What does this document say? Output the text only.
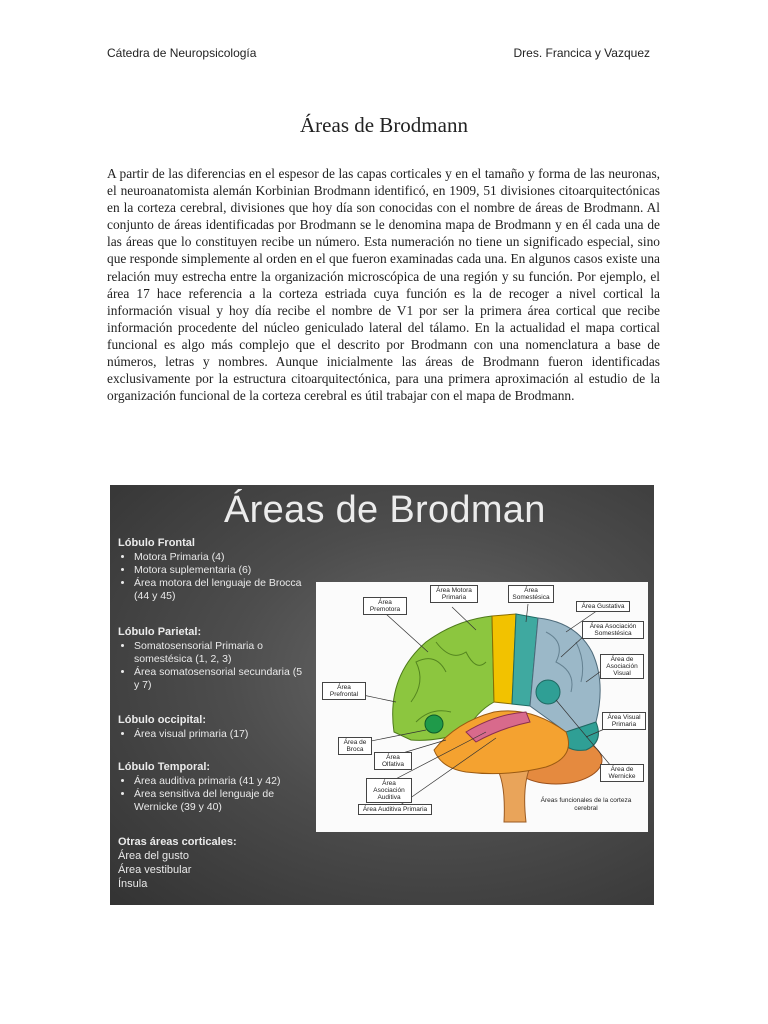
Cátedra de Neuropsicología	Dres. Francica y Vazquez
Áreas de Brodmann
A partir de las diferencias en el espesor de las capas corticales y en el tamaño y forma de las neuronas, el neuroanatomista alemán Korbinian Brodmann identificó, en 1909, 51 divisiones citoarquitectónicas en la corteza cerebral, divisiones que hoy día son conocidas con el nombre de áreas de Brodmann. Al conjunto de áreas identificadas por Brodmann se le denomina mapa de Brodmann y en él cada una de las áreas que lo constituyen recibe un número. Esta numeración no tiene un significado especial, sino que responde simplemente al orden en el que fueron examinadas cada una. En algunos casos existe una relación muy estrecha entre la organización microscópica de una región y su función. Por ejemplo, el área 17 hace referencia a la corteza estriada cuya función es la de recoger a nivel cortical la información visual y hoy día recibe el nombre de V1 por ser la primera área cortical que recibe información procedente del núcleo geniculado lateral del tálamo. En la actualidad el mapa cortical funcional es algo más complejo que el descrito por Brodmann con una nomenclatura a base de números, letras y nombres. Aunque inicialmente las áreas de Brodmann fueron identificadas exclusivamente por la estructura citoarquitectónica, para una primera aproximación al estudio de la organización funcional de la corteza cerebral es útil trabajar con el mapa de Brodmann.
Áreas de Brodman
Lóbulo Frontal
• Motora Primaria (4)
• Motora suplementaria (6)
• Área motora del lenguaje de Brocca (44 y 45)
Lóbulo Parietal:
• Somatosensorial Primaria o somestésica (1, 2, 3)
• Área somatosensorial secundaria (5 y 7)
Lóbulo occipital:
• Área visual primaria (17)
Lóbulo Temporal:
• Área auditiva primaria (41 y 42)
• Área sensitiva del lenguaje de Wernicke (39 y 40)
Otras áreas corticales:
Área del gusto
Área vestibular
Ínsula
Área Premotora
Área Motora Primaria
Área Somestésica
Área Gustativa
Área Asociación Somestésica
Área de Asociación Visual
Área Prefrontal
Área Visual Primaria
Área de Broca
Área Olfativa
Área de Wernicke
Área Asociación Auditiva
Área Auditiva Primaria
Áreas funcionales de la corteza cerebral
